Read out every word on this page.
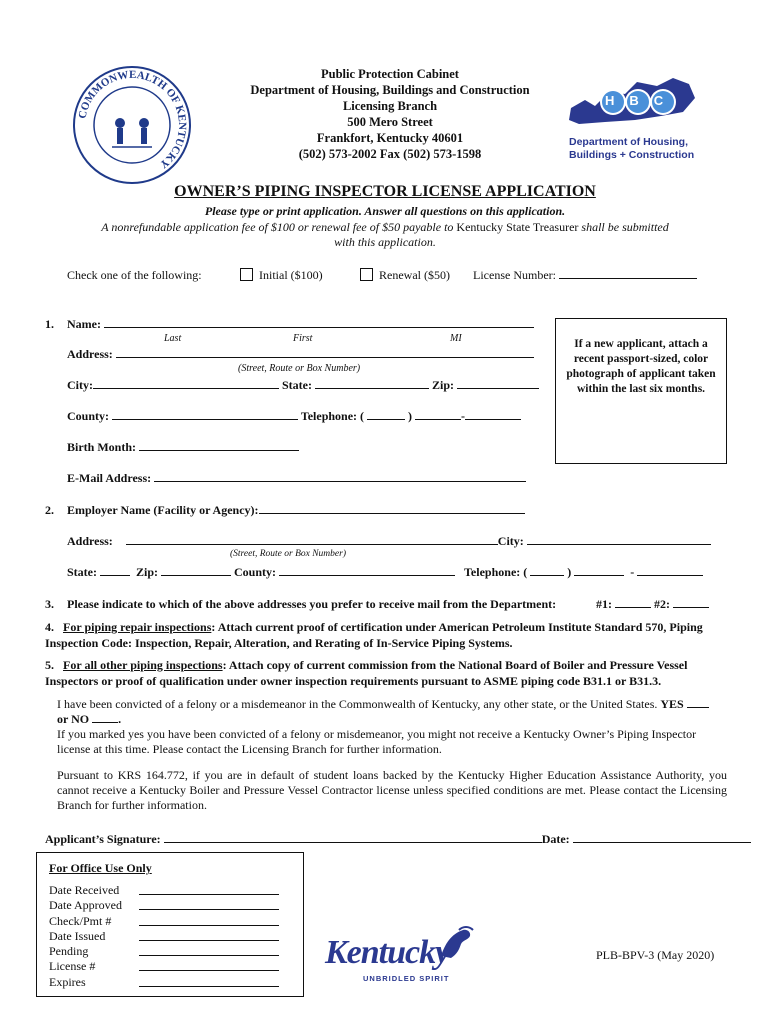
COMMONWEALTH OF KENTUCKY
Public Protection Cabinet
Department of Housing, Buildings and Construction
Licensing Branch
500 Mero Street
Frankfort, Kentucky 40601
(502) 573-2002 Fax (502) 573-1598
HBC
Department of Housing,
Buildings + Construction
OWNER’S PIPING INSPECTOR LICENSE APPLICATION
Please type or print application. Answer all questions on this application.
A nonrefundable application fee of $100 or renewal fee of $50 payable to Kentucky State Treasurer shall be submitted
with this application.
Check one of the following:	Initial ($100)	Renewal ($50) License Number:
If a new applicant, attach a recent passport-sized, color photograph of applicant taken within the last six months.
1. Name:
Last	First	MI
Address:
(Street, Route or Box Number)
City:	State:	Zip:
County:	Telephone: (	)	-
Birth Month:
E-Mail Address:
2. Employer Name (Facility or Agency):
Address:	City:
(Street, Route or Box Number)
State:	Zip:	County:	Telephone: (	)	-
3. Please indicate to which of the above addresses you prefer to receive mail from the Department:	#1:	#2:
4. For piping repair inspections: Attach current proof of certification under American Petroleum Institute Standard 570, Piping Inspection Code: Inspection, Repair, Alteration, and Rerating of In-Service Piping Systems.
5. For all other piping inspections: Attach copy of current commission from the National Board of Boiler and Pressure Vessel Inspectors or proof of qualification under owner inspection requirements pursuant to ASME piping code B31.1 or B31.3.
I have been convicted of a felony or a misdemeanor in the Commonwealth of Kentucky, any other state, or the United States. YES
or NO .
If you marked yes you have been convicted of a felony or misdemeanor, you might not receive a Kentucky Owner’s Piping Inspector license at this time. Please contact the Licensing Branch for further information.
Pursuant to KRS 164.772, if you are in default of student loans backed by the Kentucky Higher Education Assistance Authority, you cannot receive a Kentucky Boiler and Pressure Vessel Contractor license unless specified conditions are met. Please contact the Licensing Branch for further information.
Applicant’s Signature:	Date:
For Office Use Only
Date Received
Date Approved
Check/Pmt #
Date Issued
Pending
License #
Expires
Kentucky
UNBRIDLED SPIRIT
PLB-BPV-3 (May 2020)
